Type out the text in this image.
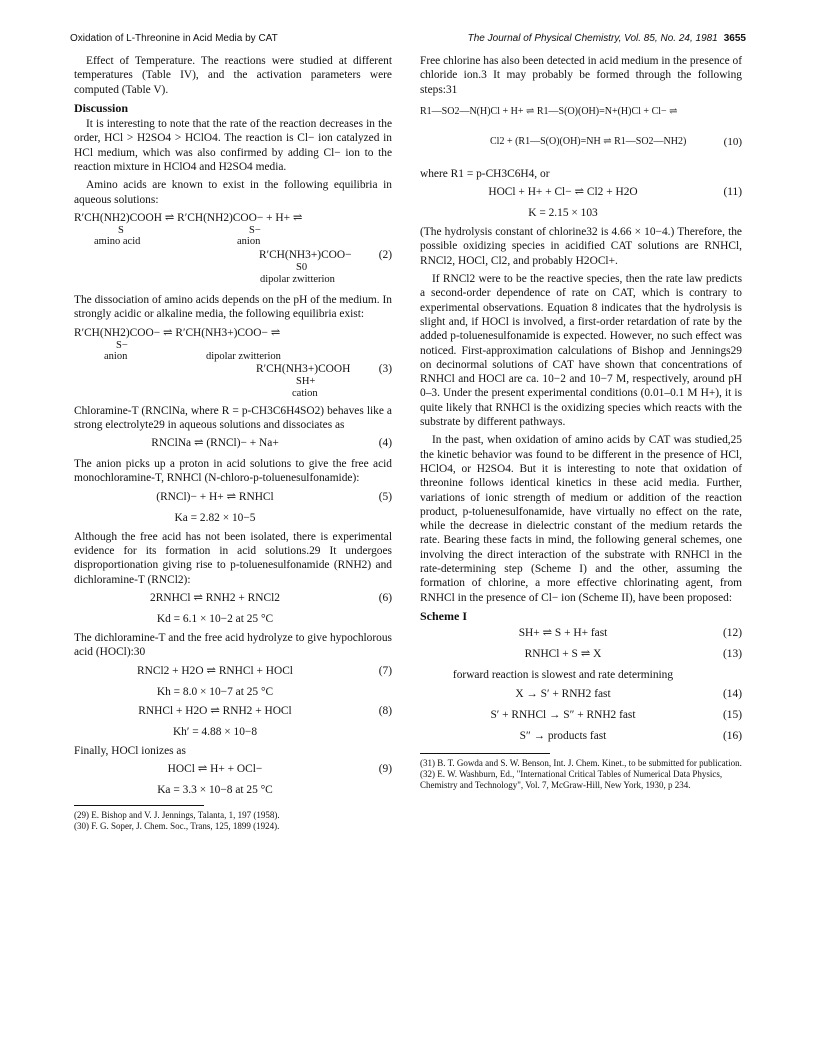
Oxidation of L-Threonine in Acid Media by CAT	The Journal of Physical Chemistry, Vol. 85, No. 24, 1981 3655

Effect of Temperature. The reactions were studied at different temperatures (Table IV), and the activation parameters were computed (Table V).

Discussion

It is interesting to note that the rate of the reaction decreases in the order, HCl > H2SO4 > HClO4. The reaction is Cl− ion catalyzed in HCl medium, which was also confirmed by adding Cl− ion to the reaction mixture in HClO4 and H2SO4 media.

Amino acids are known to exist in the following equilibria in aqueous solutions:

R′CH(NH2)COOH ⇌ R′CH(NH2)COO− + H+ ⇌
S
amino acid
S−
anion
R′CH(NH3+)COO− (2)
S0
dipolar zwitterion

The dissociation of amino acids depends on the pH of the medium. In strongly acidic or alkaline media, the following equilibria exist:

R′CH(NH2)COO− ⇌ R′CH(NH3+)COO− ⇌
S−
anion	dipolar zwitterion
R′CH(NH3+)COOH (3)
SH+
cation

Chloramine-T (RNClNa, where R = p-CH3C6H4SO2) behaves like a strong electrolyte29 in aqueous solutions and dissociates as

RNClNa ⇌ (RNCl)− + Na+	(4)

The anion picks up a proton in acid solutions to give the free acid monochloramine-T, RNHCl (N-chloro-p-toluenesulfonamide):

(RNCl)− + H+ ⇌ RNHCl	(5)
Ka = 2.82 × 10−5

Although the free acid has not been isolated, there is experimental evidence for its formation in acid solutions.29 It undergoes disproportionation giving rise to p-toluenesulfonamide (RNH2) and dichloramine-T (RNCl2):

2RNHCl ⇌ RNH2 + RNCl2	(6)
Kd = 6.1 × 10−2 at 25 °C

The dichloramine-T and the free acid hydrolyze to give hypochlorous acid (HOCl):30

RNCl2 + H2O ⇌ RNHCl + HOCl	(7)
Kh = 8.0 × 10−7 at 25 °C
RNHCl + H2O ⇌ RNH2 + HOCl	(8)
Kh′ = 4.88 × 10−8

Finally, HOCl ionizes as

HOCl ⇌ H+ + OCl−	(9)
Ka = 3.3 × 10−8 at 25 °C
(29) E. Bishop and V. J. Jennings, Talanta, 1, 197 (1958).
(30) F. G. Soper, J. Chem. Soc., Trans, 125, 1899 (1924).

Free chlorine has also been detected in acid medium in the presence of chloride ion.3 It may probably be formed through the following steps:31

R1—SO2—N(H)Cl + H+ ⇌ R1—S(O)(OH)=N+(H)Cl + Cl− ⇌
Cl2 + (R1—S(O)(OH)=NH ⇌ R1—SO2—NH2)	(10)

where R1 = p-CH3C6H4, or

HOCl + H+ + Cl− ⇌ Cl2 + H2O	(11)
K = 2.15 × 103

(The hydrolysis constant of chlorine32 is 4.66 × 10−4.) Therefore, the possible oxidizing species in acidified CAT solutions are RNHCl, RNCl2, HOCl, Cl2, and probably H2OCl+.

If RNCl2 were to be the reactive species, then the rate law predicts a second-order dependence of rate on CAT, which is contrary to experimental observations. Equation 8 indicates that the hydrolysis is slight and, if HOCl is involved, a first-order retardation of rate by the added p-toluenesulfonamide is expected. However, no such effect was noticed. First-approximation calculations of Bishop and Jennings29 on decinormal solutions of CAT have shown that concentrations of RNHCl and HOCl are ca. 10−2 and 10−7 M, respectively, around pH 0–3. Under the present experimental conditions (0.01–0.1 M H+), it is quite likely that RNHCl is the oxidizing species which reacts with the substrate by different pathways.

In the past, when oxidation of amino acids by CAT was studied,25 the kinetic behavior was found to be different in the presence of HCl, HClO4, or H2SO4. But it is interesting to note that oxidation of threonine follows identical kinetics in these acid media. Further, variations of ionic strength of medium or addition of the reaction product, p-toluenesulfonamide, have virtually no effect on the rate, while the decrease in dielectric constant of the medium retards the rate. Bearing these facts in mind, the following general schemes, one involving the direct interaction of the substrate with RNHCl in the rate-determining step (Scheme I) and the other, assuming the formation of chlorine, a more effective chlorinating agent, from RNHCl in the presence of Cl− ion (Scheme II), have been proposed:

Scheme I
SH+ ⇌ S + H+ fast	(12)
RNHCl + S ⇌ X	(13)
forward reaction is slowest and rate determining
X → S′ + RNH2 fast	(14)
S′ + RNHCl → S″ + RNH2 fast	(15)
S″ → products fast	(16)
(31) B. T. Gowda and S. W. Benson, Int. J. Chem. Kinet., to be submitted for publication.
(32) E. W. Washburn, Ed., "International Critical Tables of Numerical Data Physics, Chemistry and Technology", Vol. 7, McGraw-Hill, New York, 1930, p 234.
